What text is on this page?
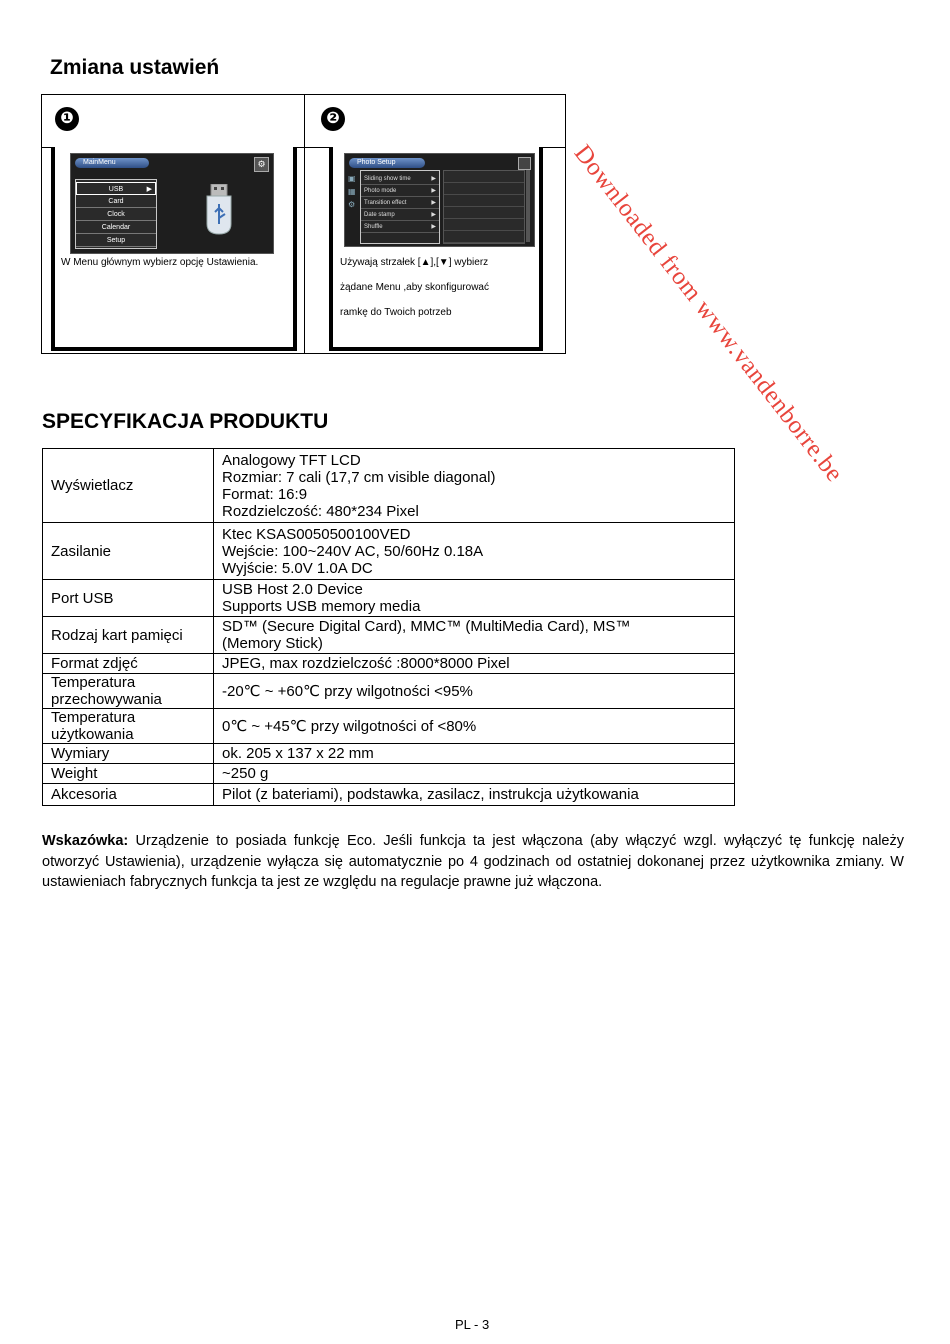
Downloaded from www.vandenborre.be
Zmiana ustawień
❶
MainMenu	⚙
USB	▶
Card
Clock
Calendar
Setup
W Menu głównym wybierz opcję Ustawienia.
❷
Photo Setup
▣
▦
⚙
Sliding show time	▶
Photo mode	▶
Transition effect	▶
Date stamp	▶
Shuffle	▶
Używają strzałek [▲],[▼] wybierz
żądane Menu ,aby skonfigurować
ramkę do Twoich potrzeb
SPECYFIKACJA PRODUKTU
Wyświetlacz	Analogowy TFT LCD
Rozmiar: 7 cali (17,7 cm visible diagonal)
Format: 16:9
Rozdzielczość: 480*234 Pixel

Zasilanie	Ktec KSAS0050500100VED
Wejście: 100~240V AC, 50/60Hz 0.18A
Wyjście: 5.0V 1.0A DC

Port USB	USB Host 2.0 Device
Supports USB memory media

Rodzaj kart pamięci	SD™ (Secure Digital Card), MMC™ (MultiMedia Card), MS™
(Memory Stick)

Format zdjęć	JPEG, max rozdzielczość :8000*8000 Pixel

Temperatura
przechowywania	-20℃ ~ +60℃ przy wilgotności <95%

Temperatura
użytkowania	0℃ ~ +45℃ przy wilgotności of <80%
Wymiary	ok. 205 x 137 x 22 mm
Weight	~250 g
Akcesoria	Pilot (z bateriami), podstawka, zasilacz, instrukcja użytkowania

Wskazówka: Urządzenie to posiada funkcję Eco. Jeśli funkcja ta jest włączona (aby włączyć wzgl. wyłączyć tę funkcję należy otworzyć Ustawienia), urządzenie wyłącza się automatycznie po 4 godzinach od ostatniej dokonanej przez użytkownika zmiany. W ustawieniach fabrycznych funkcja ta jest ze względu na regulacje prawne już włączona.

PL - 3
